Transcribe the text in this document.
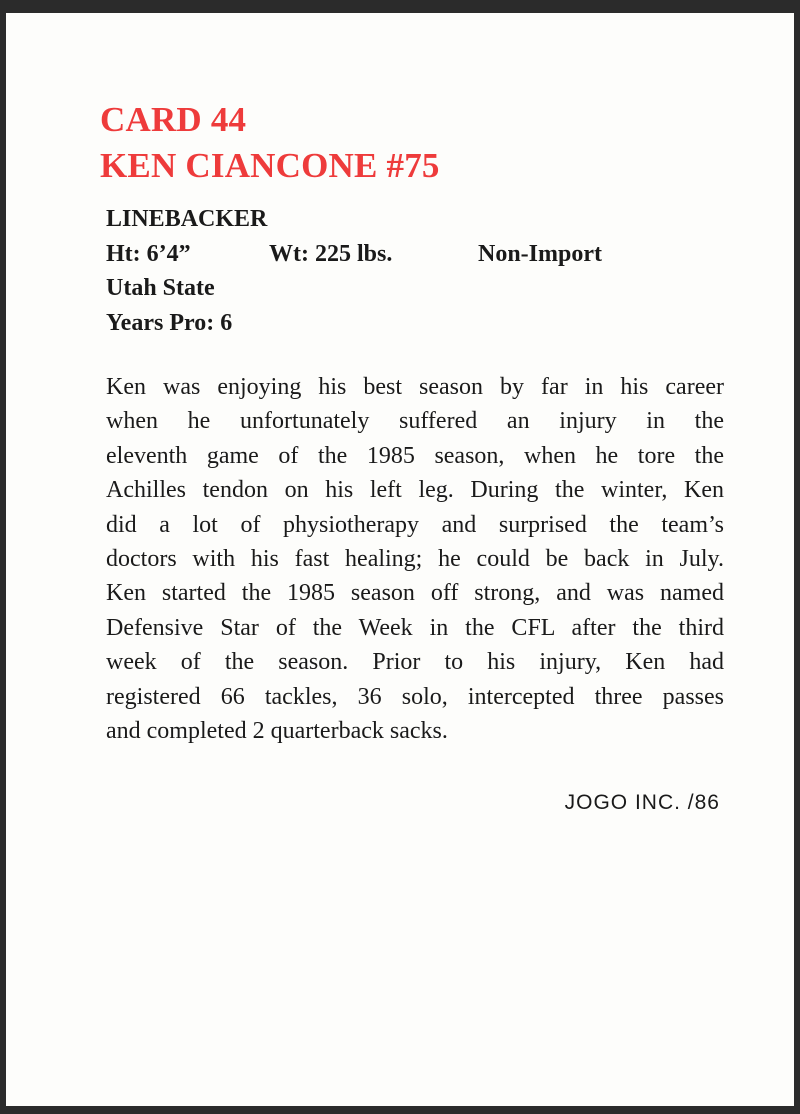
CARD 44
KEN CIANCONE #75
LINEBACKER
Ht: 6’4”	Wt: 225 lbs.	Non-Import
Utah State
Years Pro: 6
Ken was enjoying his best season by far in his career
when he unfortunately suffered an injury in the
eleventh game of the 1985 season, when he tore the
Achilles tendon on his left leg. During the winter, Ken
did a lot of physiotherapy and surprised the team’s
doctors with his fast healing; he could be back in July.
Ken started the 1985 season off strong, and was named
Defensive Star of the Week in the CFL after the third
week of the season. Prior to his injury, Ken had
registered 66 tackles, 36 solo, intercepted three passes
and completed 2 quarterback sacks.
JOGO INC. /86
